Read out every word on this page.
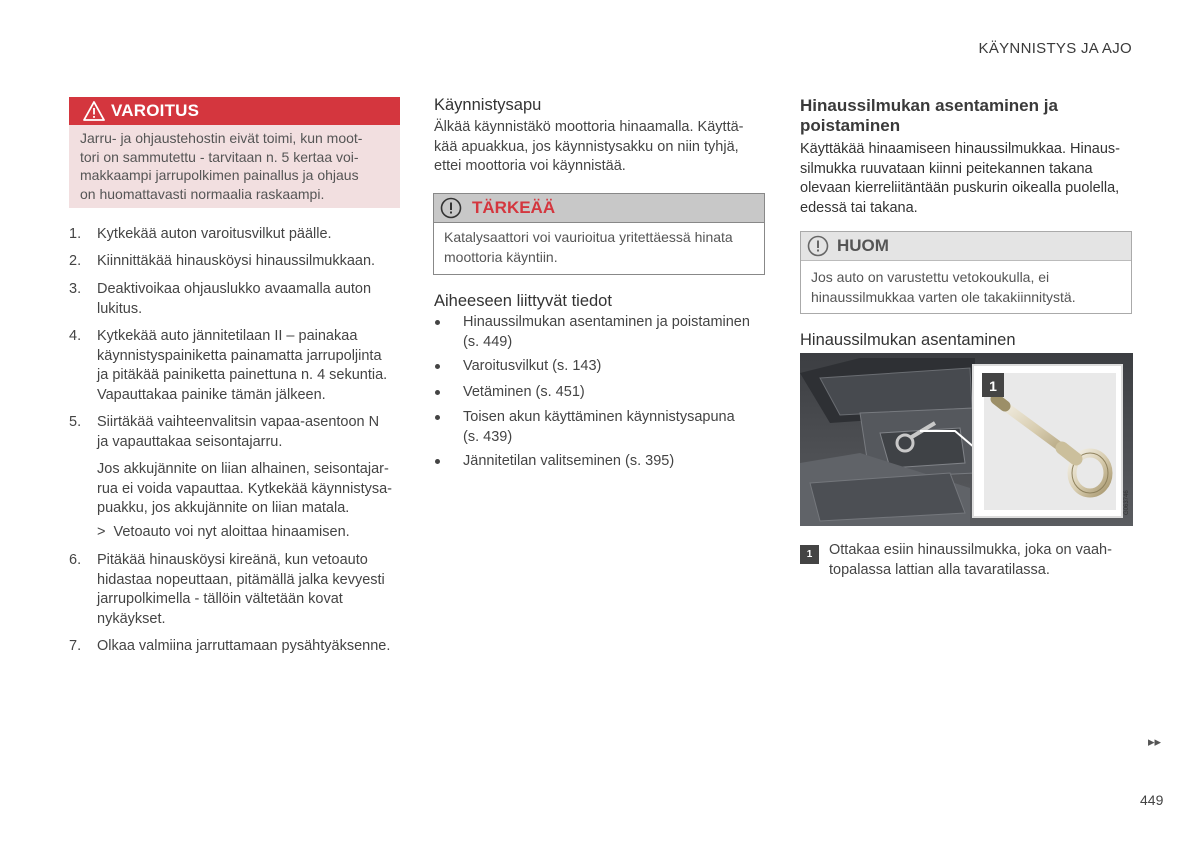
KÄYNNISTYS JA AJO
VAROITUS
Jarru- ja ohjaustehostin eivät toimi, kun moot-
tori on sammutettu - tarvitaan n. 5 kertaa voi-
makkaampi jarrupolkimen painallus ja ohjaus
on huomattavasti normaalia raskaampi.
1. Kytkekää auton varoitusvilkut päälle.
2. Kiinnittäkää hinausköysi hinaussilmukkaan.
3. Deaktivoikaa ohjauslukko avaamalla auton
lukitus.
4. Kytkekää auto jännitetilaan II – painakaa
käynnistyspainiketta painamatta jarrupoljinta
ja pitäkää painiketta painettuna n. 4 sekuntia.
Vapauttakaa painike tämän jälkeen.
5. Siirtäkää vaihteenvalitsin vapaa-asentoon N
ja vapauttakaa seisontajarru.
Jos akkujännite on liian alhainen, seisontajar-
rua ei voida vapauttaa. Kytkekää käynnistysa-
puakku, jos akkujännite on liian matala.
> Vetoauto voi nyt aloittaa hinaamisen.
6. Pitäkää hinausköysi kireänä, kun vetoauto
hidastaa nopeuttaan, pitämällä jalka kevyesti
jarrupolkimella - tällöin vältetään kovat
nykäykset.
7. Olkaa valmiina jarruttamaan pysähtyäksenne.
Käynnistysapu
Älkää käynnistäkö moottoria hinaamalla. Käyttä-
kää apuakkua, jos käynnistysakku on niin tyhjä,
ettei moottoria voi käynnistää.
TÄRKEÄÄ
Katalysaattori voi vaurioitua yritettäessä hinata
moottoria käyntiin.
Aiheeseen liittyvät tiedot
Hinaussilmukan asentaminen ja poistaminen
(s. 449)
Varoitusvilkut (s. 143)
Vetäminen (s. 451)
Toisen akun käyttäminen käynnistysapuna
(s. 439)
Jännitetilan valitseminen (s. 395)
Hinaussilmukan asentaminen ja
poistaminen
Käyttäkää hinaamiseen hinaussilmukkaa. Hinaus-
silmukka ruuvataan kiinni peitekannen takana
olevaan kierreliitäntään puskurin oikealla puolella,
edessä tai takana.
HUOM
Jos auto on varustettu vetokoukulla, ei
hinaussilmukkaa varten ole takakiinnitystä.
Hinaussilmukan asentaminen
1
G063746
1	Ottakaa esiin hinaussilmukka, joka on vaah-
topalassa lattian alla tavaratilassa.
▸▸
449
